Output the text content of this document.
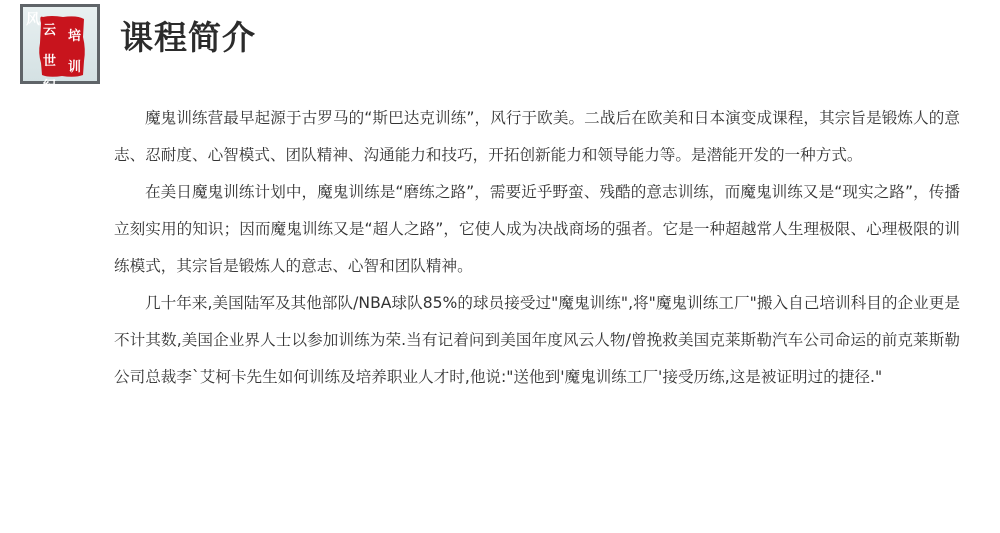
云
世
纪
培
训
风 课程简介

魔鬼训练营最早起源于古罗马的“斯巴达克训练”，风行于欧美。二战后在欧美和日本演变成课程，其宗旨是锻炼人的意志、忍耐度、心智模式、团队精神、沟通能力和技巧，开拓创新能力和领导能力等。是潜能开发的一种方式。

在美日魔鬼训练计划中，魔鬼训练是“磨练之路”，需要近乎野蛮、残酷的意志训练，而魔鬼训练又是“现实之路”，传播立刻实用的知识；因而魔鬼训练又是“超人之路”，它使人成为决战商场的强者。它是一种超越常人生理极限、心理极限的训练模式，其宗旨是锻炼人的意志、心智和团队精神。

几十年来,美国陆军及其他部队/NBA球队85%的球员接受过"魔鬼训练",将"魔鬼训练工厂"搬入自己培训科目的企业更是不计其数,美国企业界人士以参加训练为荣.当有记着问到美国年度风云人物/曾挽救美国克莱斯勒汽车公司命运的前克莱斯勒公司总裁李`艾柯卡先生如何训练及培养职业人才时,他说:"送他到'魔鬼训练工厂'接受历练,这是被证明过的捷径."
